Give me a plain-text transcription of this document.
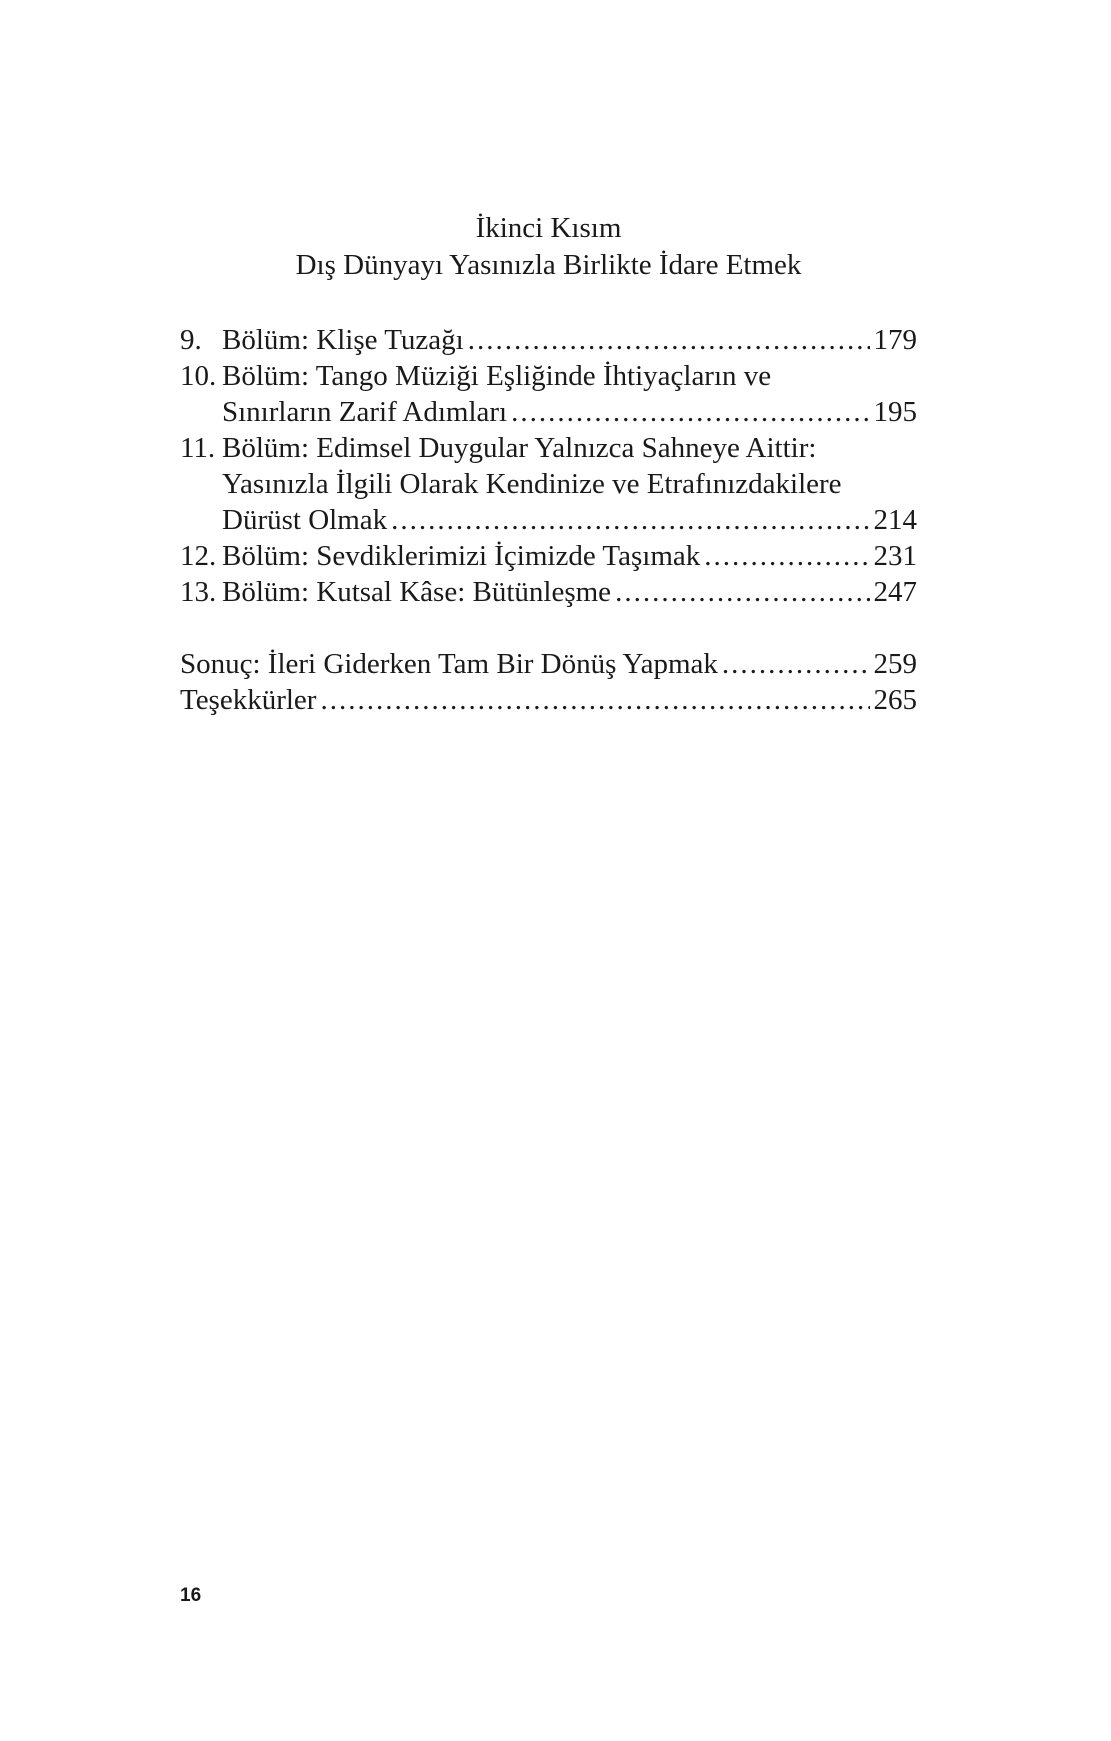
İkinci Kısım
Dış Dünyayı Yasınızla Birlikte İdare Etmek
9. Bölüm: Klişe Tuzağı .....	179
10. Bölüm: Tango Müziği Eşliğinde İhtiyaçların ve
Sınırların Zarif Adımları .....	195
11. Bölüm: Edimsel Duygular Yalnızca Sahneye Aittir:
Yasınızla İlgili Olarak Kendinize ve Etrafınızdakilere
Dürüst Olmak .....	214
12. Bölüm: Sevdiklerimizi İçimizde Taşımak .....	231
13. Bölüm: Kutsal Kâse: Bütünleşme .....	247
Sonuç: İleri Giderken Tam Bir Dönüş Yapmak .....	259
Teşekkürler .....	265
16
